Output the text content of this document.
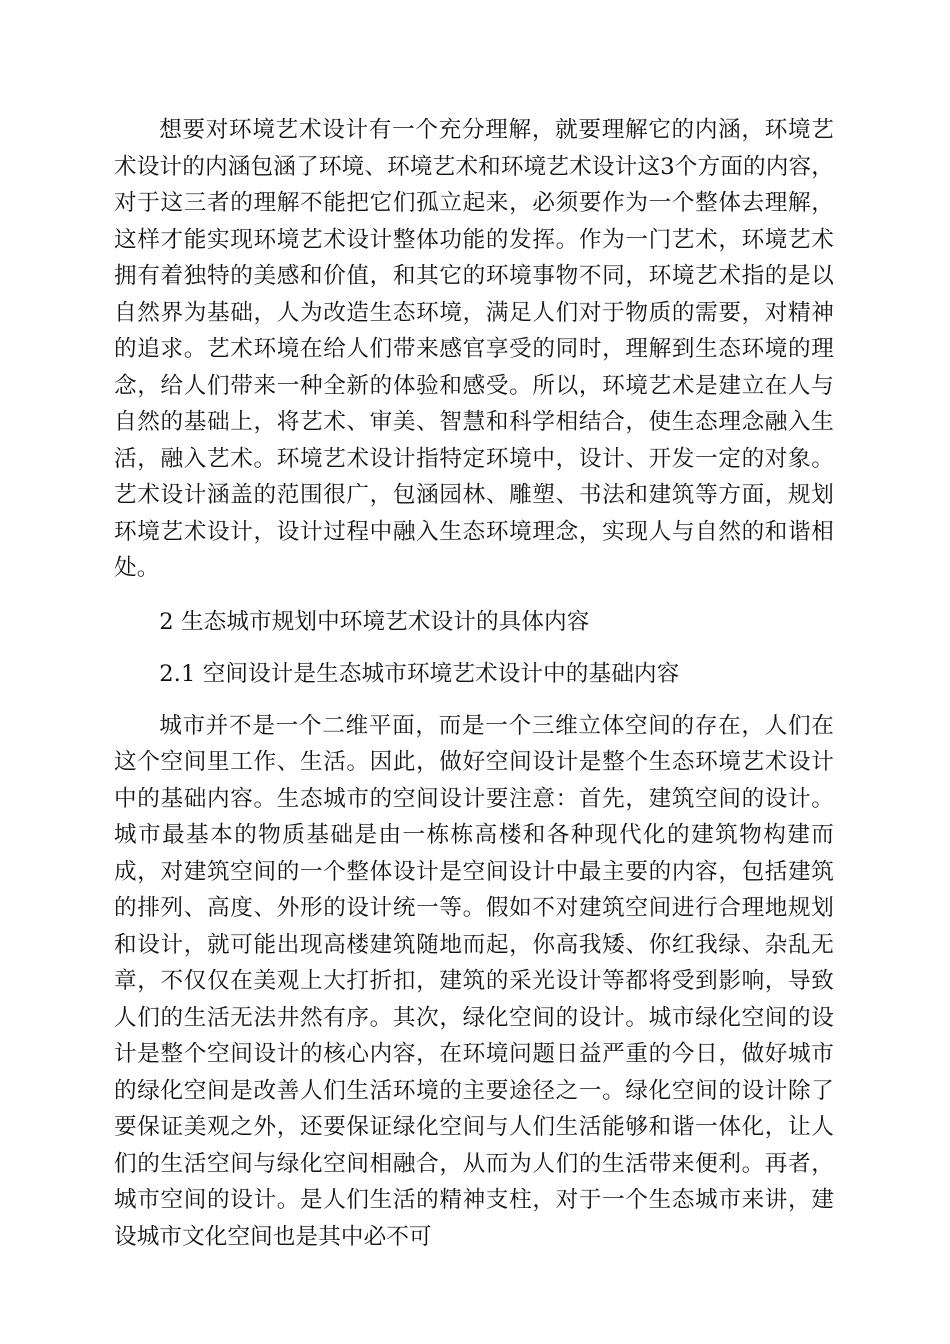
想要对环境艺术设计有一个充分理解，就要理解它的内涵，环境艺术设计的内涵包涵了环境、环境艺术和环境艺术设计这3个方面的内容，对于这三者的理解不能把它们孤立起来，必须要作为一个整体去理解，这样才能实现环境艺术设计整体功能的发挥。作为一门艺术，环境艺术拥有着独特的美感和价值，和其它的环境事物不同，环境艺术指的是以自然界为基础，人为改造生态环境，满足人们对于物质的需要，对精神的追求。艺术环境在给人们带来感官享受的同时，理解到生态环境的理念，给人们带来一种全新的体验和感受。所以，环境艺术是建立在人与自然的基础上，将艺术、审美、智慧和科学相结合，使生态理念融入生活，融入艺术。环境艺术设计指特定环境中，设计、开发一定的对象。艺术设计涵盖的范围很广，包涵园林、雕塑、书法和建筑等方面，规划环境艺术设计，设计过程中融入生态环境理念，实现人与自然的和谐相处。

2 生态城市规划中环境艺术设计的具体内容

2.1 空间设计是生态城市环境艺术设计中的基础内容

城市并不是一个二维平面，而是一个三维立体空间的存在，人们在这个空间里工作、生活。因此，做好空间设计是整个生态环境艺术设计中的基础内容。生态城市的空间设计要注意：首先，建筑空间的设计。城市最基本的物质基础是由一栋栋高楼和各种现代化的建筑物构建而成，对建筑空间的一个整体设计是空间设计中最主要的内容，包括建筑的排列、高度、外形的设计统一等。假如不对建筑空间进行合理地规划和设计，就可能出现高楼建筑随地而起，你高我矮、你红我绿、杂乱无章，不仅仅在美观上大打折扣，建筑的采光设计等都将受到影响，导致人们的生活无法井然有序。其次，绿化空间的设计。城市绿化空间的设计是整个空间设计的核心内容，在环境问题日益严重的今日，做好城市的绿化空间是改善人们生活环境的主要途径之一。绿化空间的设计除了要保证美观之外，还要保证绿化空间与人们生活能够和谐一体化，让人们的生活空间与绿化空间相融合，从而为人们的生活带来便利。再者，城市空间的设计。是人们生活的精神支柱，对于一个生态城市来讲，建设城市文化空间也是其中必不可
